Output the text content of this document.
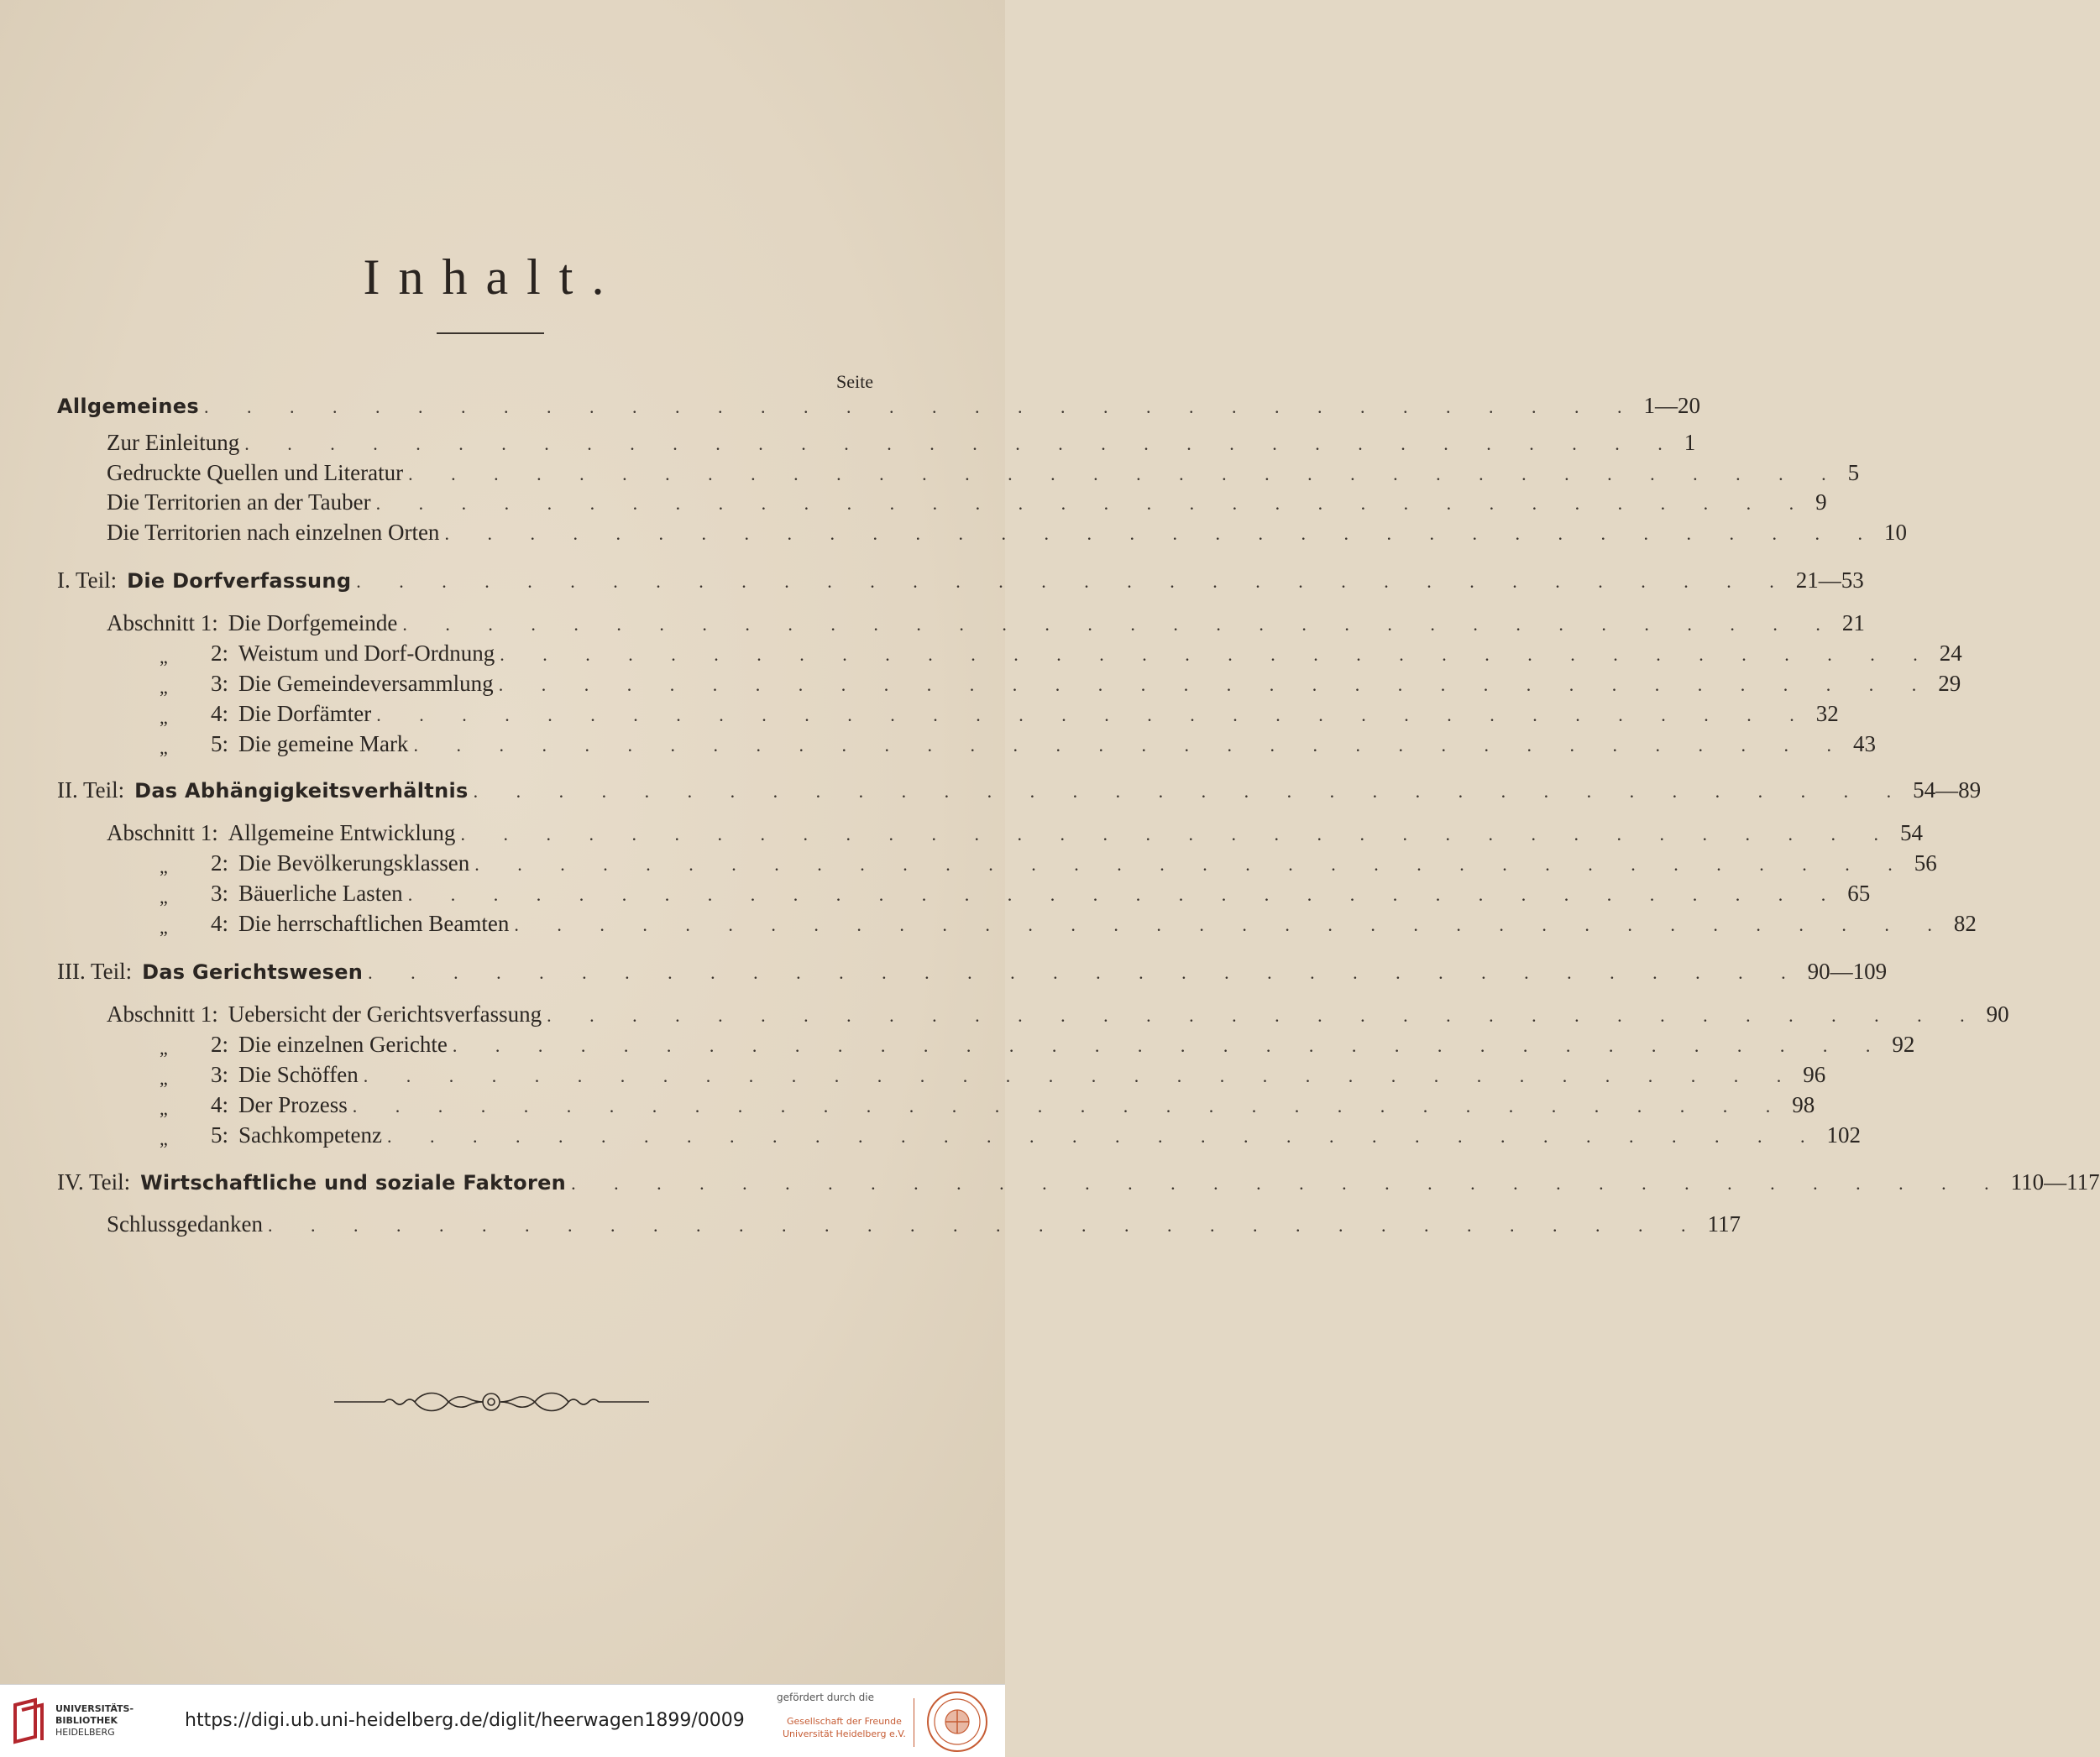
Inhalt.
Seite
Allgemeines . . . . . . . . . . . . . . . . . . . . . . . . . . . . . . . . . . 1—20
Zur Einleitung . . . . . . . . . . . . . . . . . . . . . . . . . . . . . . . . . . 1
Gedruckte Quellen und Literatur . . . . . . . . . . . . . . . . . . . . . . . . . . . . . . . . . . 5
Die Territorien an der Tauber . . . . . . . . . . . . . . . . . . . . . . . . . . . . . . . . . . 9
Die Territorien nach einzelnen Orten . . . . . . . . . . . . . . . . . . . . . . . . . . . . . . . . . . 10
I. Teil: Die Dorfverfassung . . . . . . . . . . . . . . . . . . . . . . . . . . . . . . . . . . 21—53
Abschnitt 1: Die Dorfgemeinde . . . . . . . . . . . . . . . . . . . . . . . . . . . . . . . . . . 21
„	2: Weistum und Dorf-Ordnung . . . . . . . . . . . . . . . . . . . . . . . . . . . . . . . . . . 24
„	3: Die Gemeindeversammlung . . . . . . . . . . . . . . . . . . . . . . . . . . . . . . . . . . 29
„	4: Die Dorfämter . . . . . . . . . . . . . . . . . . . . . . . . . . . . . . . . . . 32
„	5: Die gemeine Mark . . . . . . . . . . . . . . . . . . . . . . . . . . . . . . . . . . 43
II. Teil: Das Abhängigkeitsverhältnis . . . . . . . . . . . . . . . . . . . . . . . . . . . . . . . . . . 54—89
Abschnitt 1: Allgemeine Entwicklung . . . . . . . . . . . . . . . . . . . . . . . . . . . . . . . . . . 54
„	2: Die Bevölkerungsklassen . . . . . . . . . . . . . . . . . . . . . . . . . . . . . . . . . . 56
„	3: Bäuerliche Lasten . . . . . . . . . . . . . . . . . . . . . . . . . . . . . . . . . . 65
„	4: Die herrschaftlichen Beamten . . . . . . . . . . . . . . . . . . . . . . . . . . . . . . . . . . 82
III. Teil: Das Gerichtswesen . . . . . . . . . . . . . . . . . . . . . . . . . . . . . . . . . . 90—109
Abschnitt 1: Uebersicht der Gerichtsverfassung . . . . . . . . . . . . . . . . . . . . . . . . . . . . . . . . . . 90
„	2: Die einzelnen Gerichte . . . . . . . . . . . . . . . . . . . . . . . . . . . . . . . . . . 92
„	3: Die Schöffen . . . . . . . . . . . . . . . . . . . . . . . . . . . . . . . . . . 96
„	4: Der Prozess . . . . . . . . . . . . . . . . . . . . . . . . . . . . . . . . . . 98
„	5: Sachkompetenz . . . . . . . . . . . . . . . . . . . . . . . . . . . . . . . . . . 102
IV. Teil: Wirtschaftliche und soziale Faktoren . . . . . . . . . . . . . . . . . . . . . . . . . . . . . . . . . . 110—117
Schlussgedanken . . . . . . . . . . . . . . . . . . . . . . . . . . . . . . . . . . 117
UNIVERSITÄTS-
BIBLIOTHEK
HEIDELBERG
https://digi.ub.uni-heidelberg.de/diglit/heerwagen1899/0009
gefördert durch die
Gesellschaft der Freunde
Universität Heidelberg e.V.
